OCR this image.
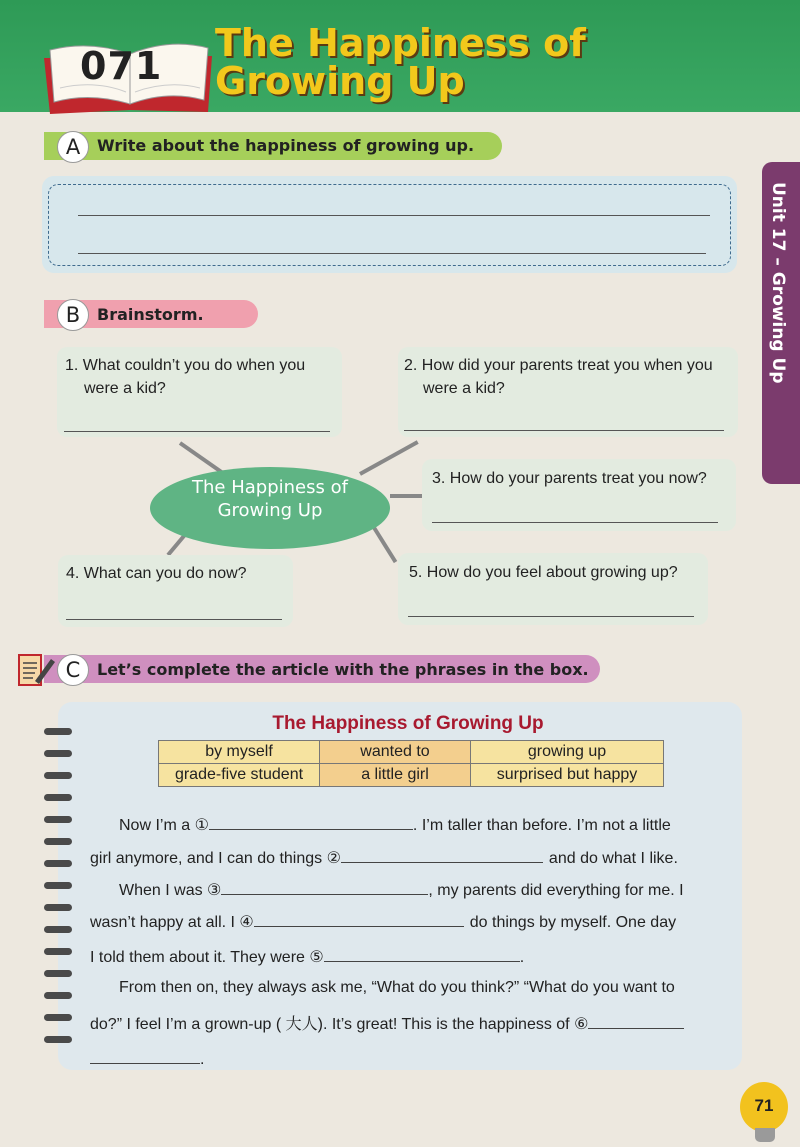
071
The Happiness of
Growing Up
Unit 17 – Growing Up
A	Write about the happiness of growing up.
B	Brainstorm.
1. What couldn’t you do when you
were a kid?
2. How did your parents treat you when you
were a kid?
3. How do your parents treat you now?
4. What can you do now?	5. How do you feel about growing up?
The Happiness of
Growing Up
C	Let’s complete the article with the phrases in the box.
The Happiness of Growing Up
by myself	wanted to	growing up
grade-five student	a little girl	surprised but happy
Now I’m a ①	. I’m taller than before. I’m not a little
girl anymore, and I can do things ②	and do what I like.
When I was ③	, my parents did everything for me. I
wasn’t happy at all. I ④	do things by myself. One day
I told them about it. They were ⑤	.
From then on, they always ask me, “What do you think?” “What do you want to
do?” I feel I’m a grown-up ( 大人). It’s great! This is the happiness of ⑥
.
71
